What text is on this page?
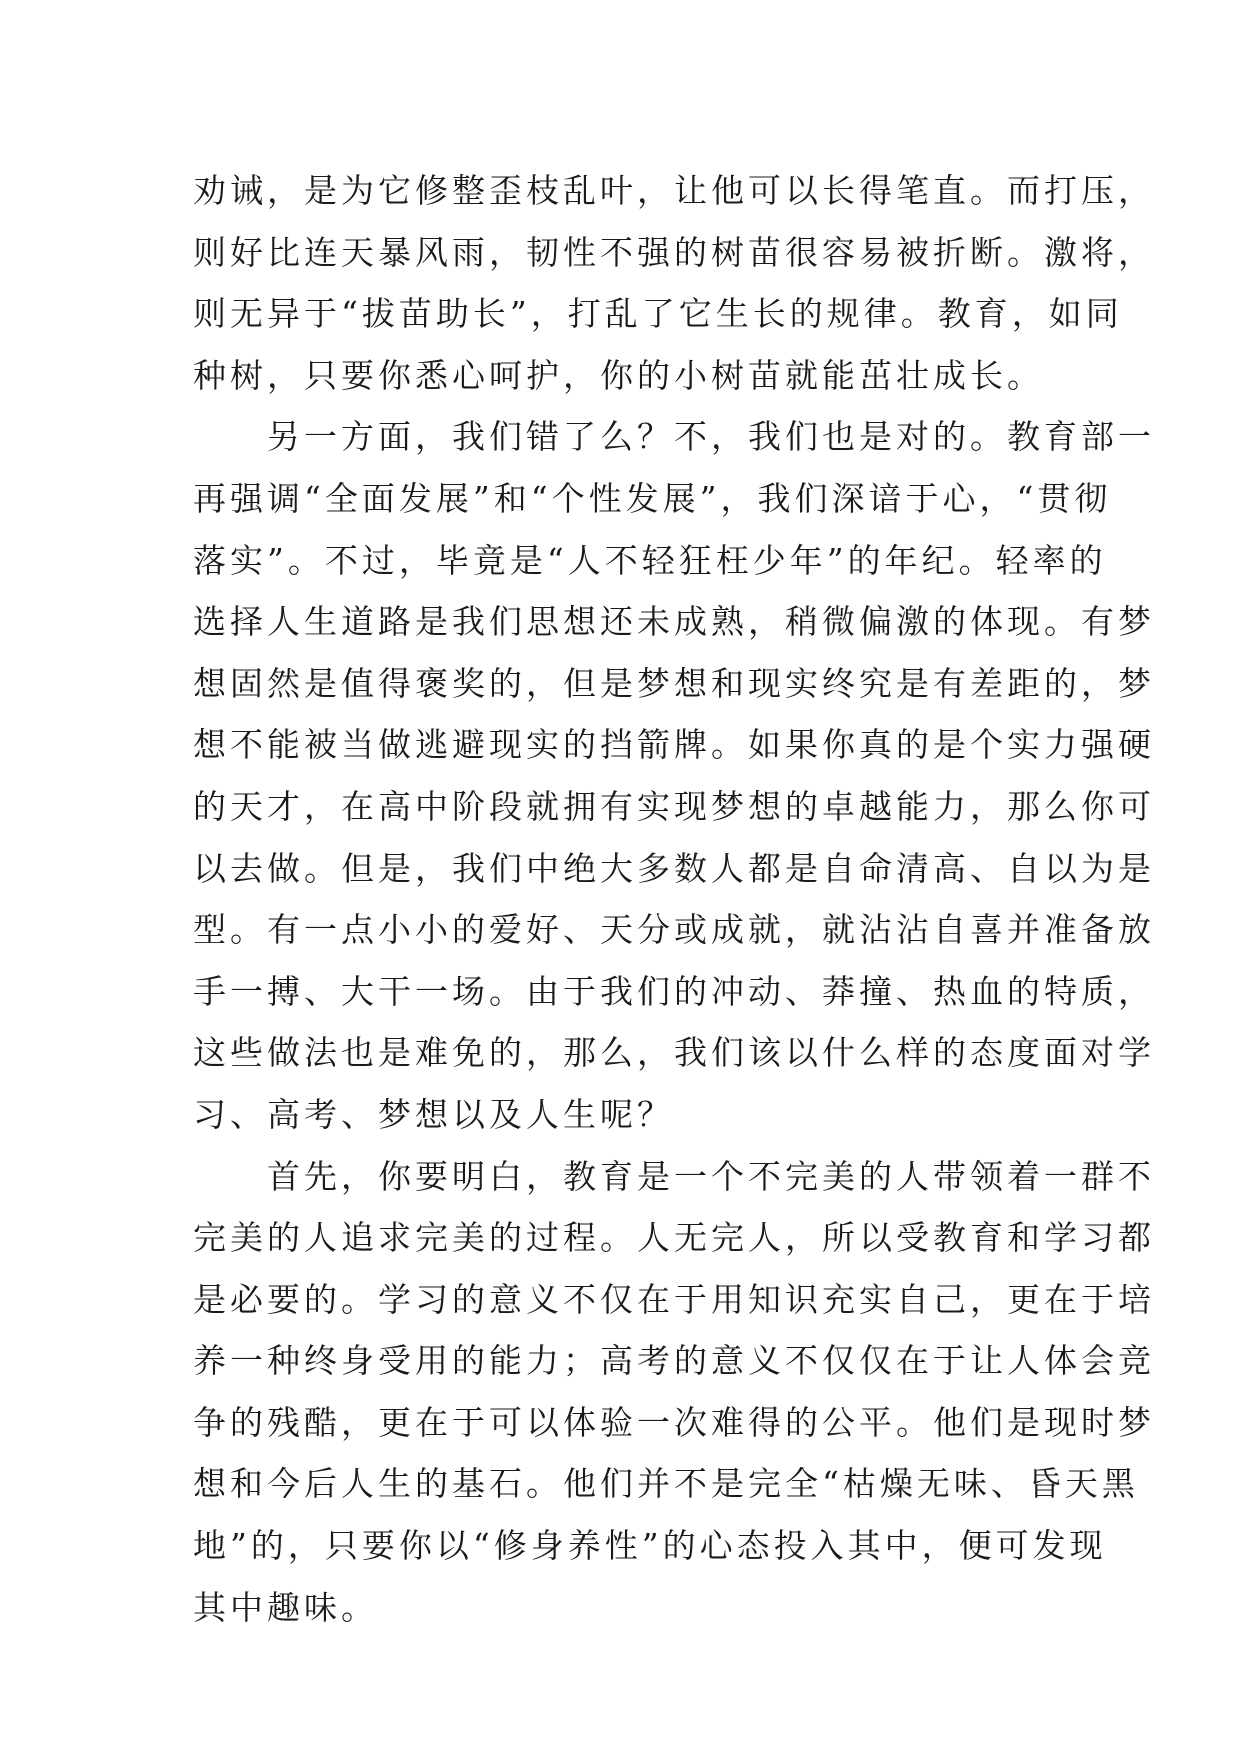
劝诫，是为它修整歪枝乱叶，让他可以长得笔直。而打压，
则好比连天暴风雨，韧性不强的树苗很容易被折断。激将，
则无异于“拔苗助长”，打乱了它生长的规律。教育，如同
种树，只要你悉心呵护，你的小树苗就能茁壮成长。
另一方面，我们错了么？不，我们也是对的。教育部一
再强调“全面发展”和“个性发展”，我们深谙于心，“贯彻
落实”。不过，毕竟是“人不轻狂枉少年”的年纪。轻率的
选择人生道路是我们思想还未成熟，稍微偏激的体现。有梦
想固然是值得褒奖的，但是梦想和现实终究是有差距的，梦
想不能被当做逃避现实的挡箭牌。如果你真的是个实力强硬
的天才，在高中阶段就拥有实现梦想的卓越能力，那么你可
以去做。但是，我们中绝大多数人都是自命清高、自以为是
型。有一点小小的爱好、天分或成就，就沾沾自喜并准备放
手一搏、大干一场。由于我们的冲动、莽撞、热血的特质，
这些做法也是难免的，那么，我们该以什么样的态度面对学
习、高考、梦想以及人生呢？
首先，你要明白，教育是一个不完美的人带领着一群不
完美的人追求完美的过程。人无完人，所以受教育和学习都
是必要的。学习的意义不仅在于用知识充实自己，更在于培
养一种终身受用的能力；高考的意义不仅仅在于让人体会竞
争的残酷，更在于可以体验一次难得的公平。他们是现时梦
想和今后人生的基石。他们并不是完全“枯燥无味、昏天黑
地”的，只要你以“修身养性”的心态投入其中，便可发现
其中趣味。
